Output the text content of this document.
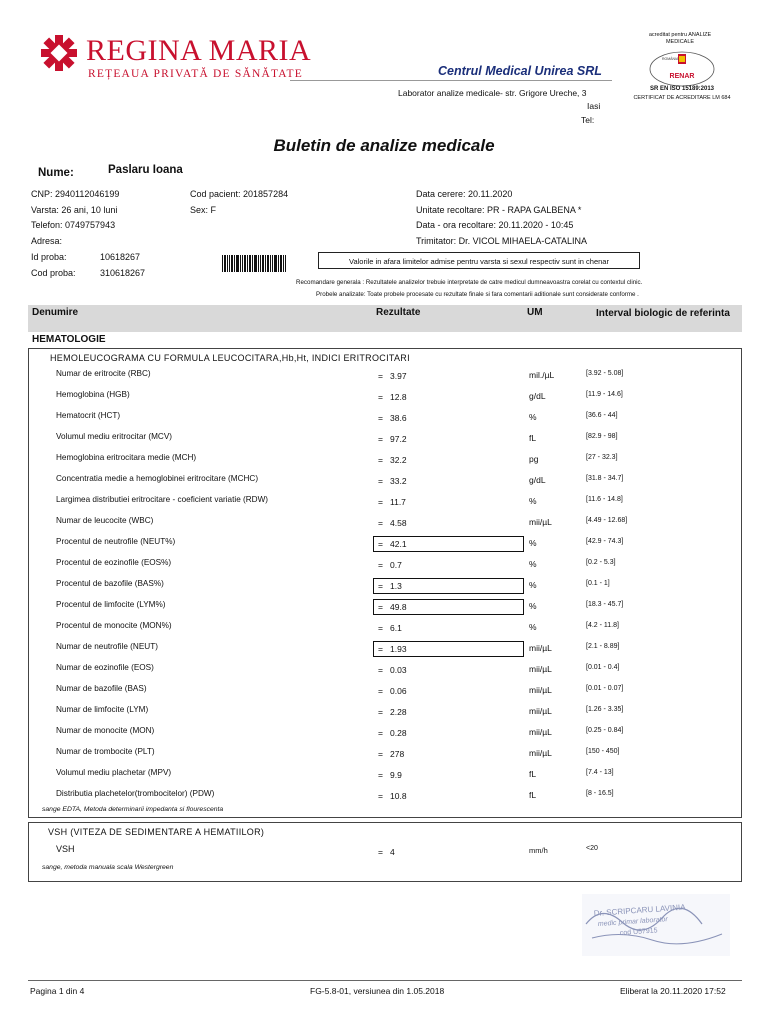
REGINA MARIA
REȚEAUA PRIVATĂ DE SĂNĂTATE	Centrul Medical Unirea SRL
Laborator analize medicale- str. Grigore Ureche, 3
Iasi
Tel:
acreditat pentru ANALIZE MEDICALE
RENAR
ROMÂNIA
SR EN ISO 15189:2013
CERTIFICAT DE ACREDITARE LM 684
Buletin de analize medicale
Nume:	Paslaru Ioana
CNP: 2940112046199
Varsta: 26 ani, 10 luni
Telefon: 0749757943
Adresa:
Id proba:	10618267
Cod proba:	310618267
Cod pacient: 201857284
Sex: F
Data cerere: 20.11.2020
Unitate recoltare: PR - RAPA GALBENA *
Data - ora recoltare: 20.11.2020 - 10:45
Trimitator: Dr. VICOL MIHAELA-CATALINA
Valorile in afara limitelor admise pentru varsta si sexul respectiv sunt in chenar
Recomandare generala : Rezultatele analizelor trebuie interpretate de catre medicul dumneavoastra corelat cu contextul clinic.
Probele analizate: Toate probele procesate cu rezultate finale si fara comentarii aditionale sunt considerate conforme .
Denumire	Rezultate	UM	Interval biologic de referinta
HEMATOLOGIE
HEMOLEUCOGRAMA CU FORMULA LEUCOCITARA,Hb,Ht, INDICI ERITROCITARI
Numar de eritrocite (RBC)	= 3.97	mil./µL	[3.92 - 5.08]
Hemoglobina (HGB)	= 12.8	g/dL	[11.9 - 14.6]
Hematocrit (HCT)	= 38.6	%	[36.6 - 44]
Volumul mediu eritrocitar (MCV)	= 97.2	fL	[82.9 - 98]
Hemoglobina eritrocitara medie (MCH)	= 32.2	pg	[27 - 32.3]
Concentratia medie a hemoglobinei eritrocitare (MCHC)	= 33.2	g/dL	[31.8 - 34.7]
Largimea distributiei eritrocitare - coeficient variatie (RDW)	= 11.7	%	[11.6 - 14.8]
Numar de leucocite (WBC)	= 4.58	mii/µL	[4.49 - 12.68]
Procentul de neutrofile (NEUT%)	= 42.1	%	[42.9 - 74.3]
Procentul de eozinofile (EOS%)	= 0.7	%	[0.2 - 5.3]
Procentul de bazofile (BAS%)	= 1.3	%	[0.1 - 1]
Procentul de limfocite (LYM%)	= 49.8	%	[18.3 - 45.7]
Procentul de monocite (MON%)	= 6.1	%	[4.2 - 11.8]
Numar de neutrofile (NEUT)	= 1.93	mii/µL	[2.1 - 8.89]
Numar de eozinofile (EOS)	= 0.03	mii/µL	[0.01 - 0.4]
Numar de bazofile (BAS)	= 0.06	mii/µL	[0.01 - 0.07]
Numar de limfocite (LYM)	= 2.28	mii/µL	[1.26 - 3.35]
Numar de monocite (MON)	= 0.28	mii/µL	[0.25 - 0.84]
Numar de trombocite (PLT)	= 278	mii/µL	[150 - 450]
Volumul mediu plachetar (MPV)	= 9.9	fL	[7.4 - 13]
Distributia plachetelor(trombocitelor) (PDW)	= 10.8	fL	[8 - 16.5]
sange EDTA, Metoda determinarii impedanta si flourescenta
VSH (VITEZA DE SEDIMENTARE A HEMATIILOR)
VSH	= 4	mm/h	<20
sange, metoda manuala scala Westergreen
Dr. SCRIPCARU LAVINIA
medic primar laborator
cod U57915
Pagina 1 din 4	FG-5.8-01, versiunea din 1.05.2018	Eliberat la 20.11.2020 17:52
